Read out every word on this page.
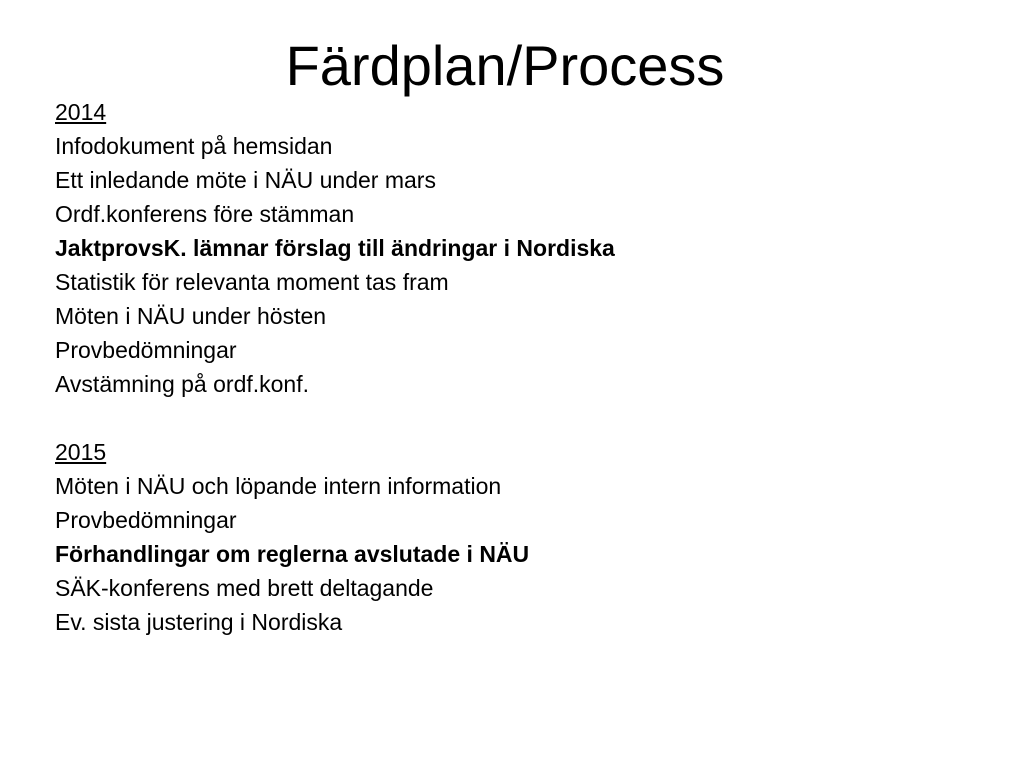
Färdplan/Process
2014
Infodokument på hemsidan
Ett inledande möte i NÄU under mars
Ordf.konferens före stämman
JaktprovsK. lämnar förslag till ändringar i Nordiska
Statistik för relevanta moment tas fram
Möten i NÄU under hösten
Provbedömningar
Avstämning på ordf.konf.
2015
Möten i NÄU och löpande intern information
Provbedömningar
Förhandlingar om reglerna avslutade i NÄU
SÄK-konferens med brett deltagande
Ev. sista justering i Nordiska
